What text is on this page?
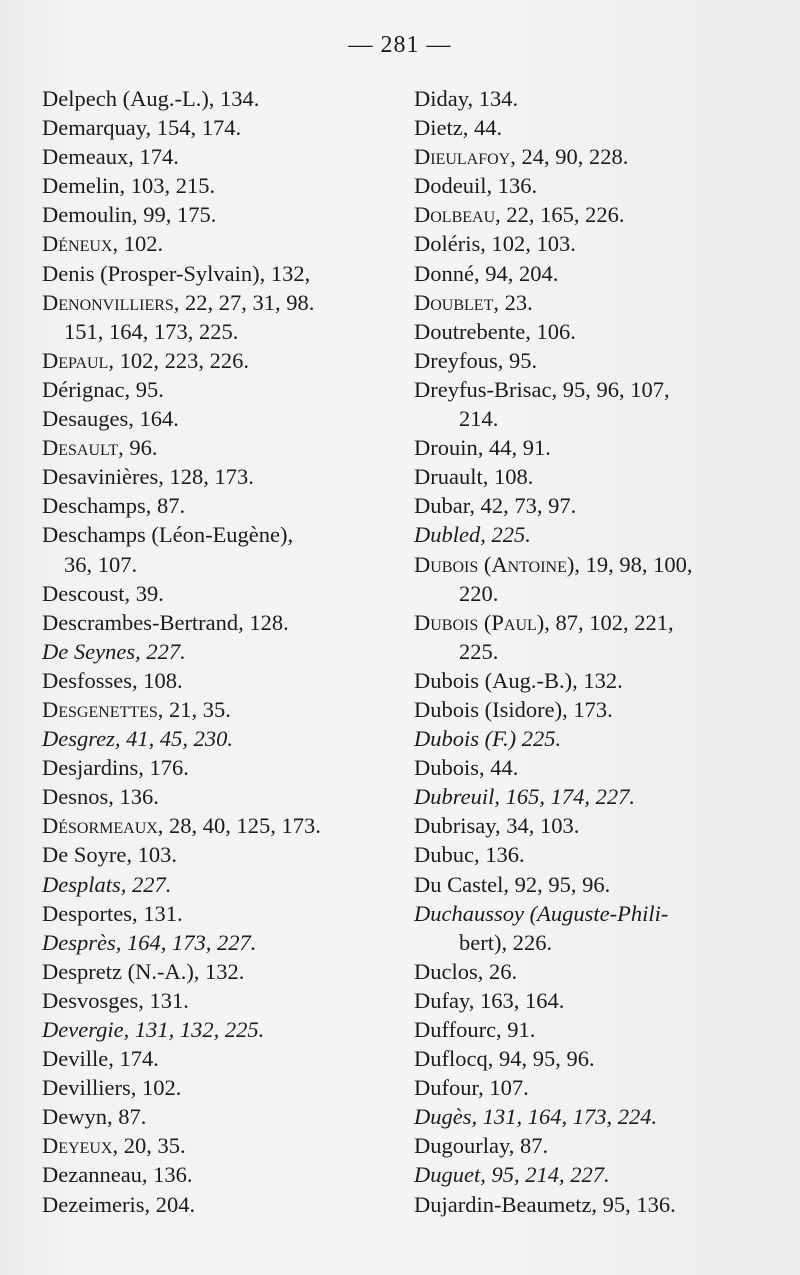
— 281 —
Delpech (Aug.-L.), 134.
Demarquay, 154, 174.
Demeaux, 174.
Demelin, 103, 215.
Demoulin, 99, 175.
Déneux, 102.
Denis (Prosper-Sylvain), 132,
Denonvilliers, 22, 27, 31, 98.
151, 164, 173, 225.
Depaul, 102, 223, 226.
Dérignac, 95.
Desauges, 164.
Desault, 96.
Desavinières, 128, 173.
Deschamps, 87.
Deschamps (Léon-Eugène),
36, 107.
Descoust, 39.
Descrambes-Bertrand, 128.
De Seynes, 227.
Desfosses, 108.
Desgenettes, 21, 35.
Desgrez, 41, 45, 230.
Desjardins, 176.
Desnos, 136.
Désormeaux, 28, 40, 125, 173.
De Soyre, 103.
Desplats, 227.
Desportes, 131.
Desprès, 164, 173, 227.
Despretz (N.-A.), 132.
Desvosges, 131.
Devergie, 131, 132, 225.
Deville, 174.
Devilliers, 102.
Dewyn, 87.
Deyeux, 20, 35.
Dezanneau, 136.
Dezeimeris, 204.
Diday, 134.
Dietz, 44.
Dieulafoy, 24, 90, 228.
Dodeuil, 136.
Dolbeau, 22, 165, 226.
Doléris, 102, 103.
Donné, 94, 204.
Doublet, 23.
Doutrebente, 106.
Dreyfous, 95.
Dreyfus-Brisac, 95, 96, 107,
214.
Drouin, 44, 91.
Druault, 108.
Dubar, 42, 73, 97.
Dubled, 225.
Dubois (Antoine), 19, 98, 100,
220.
Dubois (Paul), 87, 102, 221,
225.
Dubois (Aug.-B.), 132.
Dubois (Isidore), 173.
Dubois (F.) 225.
Dubois, 44.
Dubreuil, 165, 174, 227.
Dubrisay, 34, 103.
Dubuc, 136.
Du Castel, 92, 95, 96.
Duchaussoy (Auguste-Phili-
bert), 226.
Duclos, 26.
Dufay, 163, 164.
Duffourc, 91.
Duflocq, 94, 95, 96.
Dufour, 107.
Dugès, 131, 164, 173, 224.
Dugourlay, 87.
Duguet, 95, 214, 227.
Dujardin-Beaumetz, 95, 136.
